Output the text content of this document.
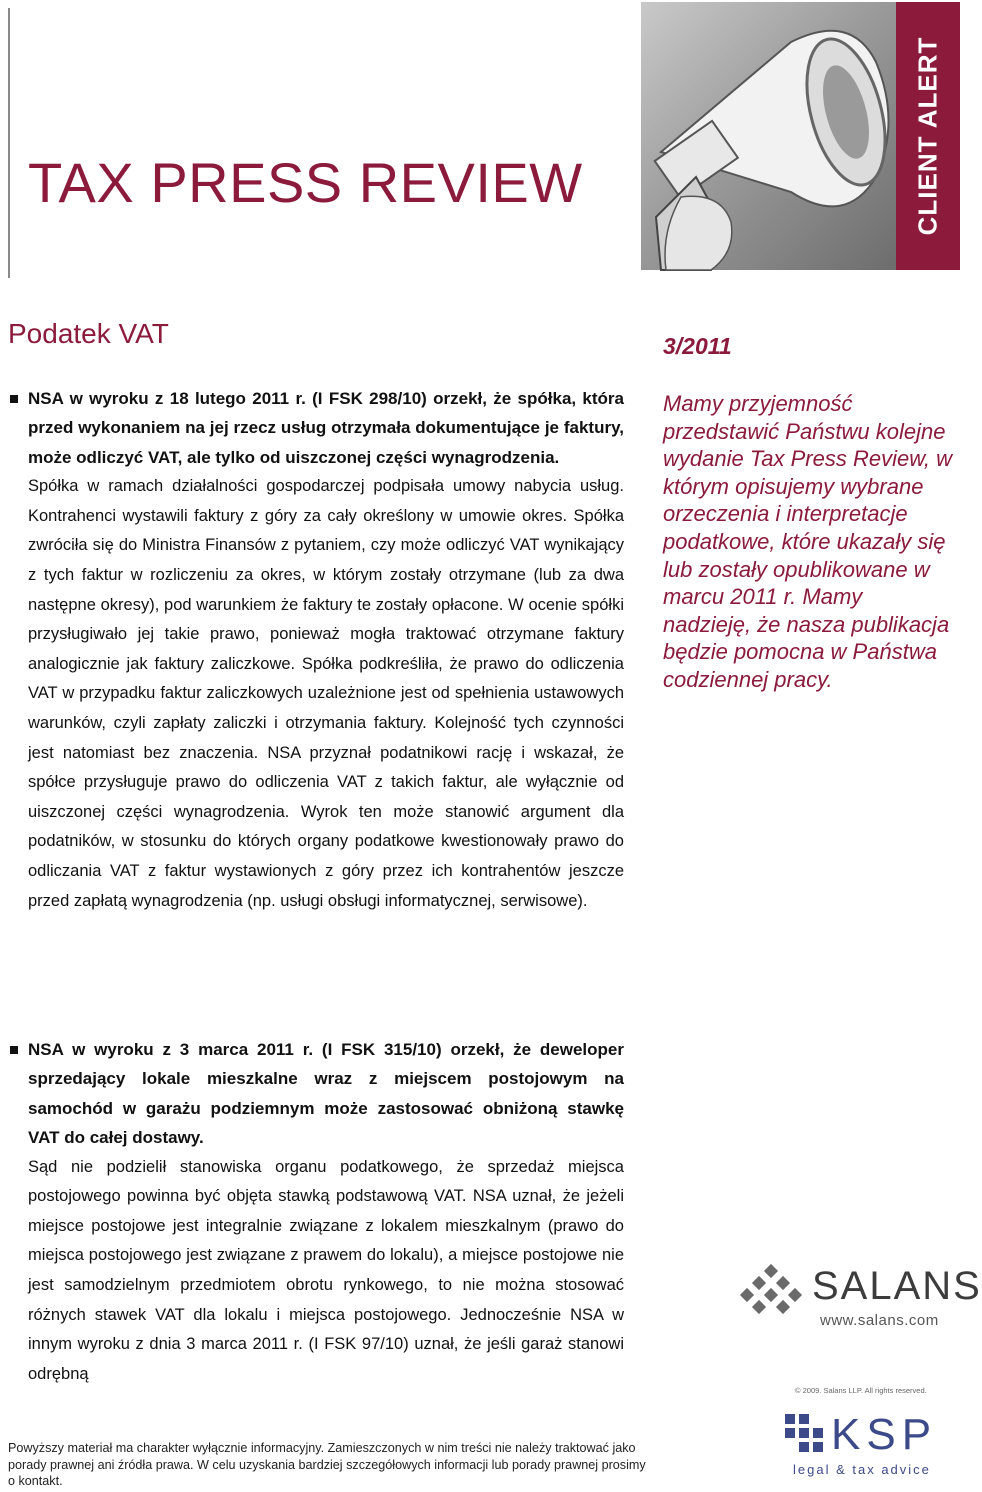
TAX PRESS REVIEW	CLIENT ALERT
Podatek VAT

NSA w wyroku z 18 lutego 2011 r. (I FSK 298/10) orzekł, że spółka, która przed wykonaniem na jej rzecz usług otrzymała dokumentujące je faktury, może odliczyć VAT, ale tylko od uiszczonej części wynagrodzenia.

Spółka w ramach działalności gospodarczej podpisała umowy nabycia usług. Kontrahenci wystawili faktury z góry za cały określony w umowie okres. Spółka zwróciła się do Ministra Finansów z pytaniem, czy może odliczyć VAT wynikający z tych faktur w rozliczeniu za okres, w którym zostały otrzymane (lub za dwa następne okresy), pod warunkiem że faktury te zostały opłacone. W ocenie spółki przysługiwało jej takie prawo, ponieważ mogła traktować otrzymane faktury analogicznie jak faktury zaliczkowe. Spółka podkreśliła, że prawo do odliczenia VAT w przypadku faktur zaliczkowych uzależnione jest od spełnienia ustawowych warunków, czyli zapłaty zaliczki i otrzymania faktury. Kolejność tych czynności jest natomiast bez znaczenia. NSA przyznał podatnikowi rację i wskazał, że spółce przysługuje prawo do odliczenia VAT z takich faktur, ale wyłącznie od uiszczonej części wynagrodzenia. Wyrok ten może stanowić argument dla podatników, w stosunku do których organy podatkowe kwestionowały prawo do odliczania VAT z faktur wystawionych z góry przez ich kontrahentów jeszcze przed zapłatą wynagrodzenia (np. usługi obsługi informatycznej, serwisowe).

NSA w wyroku z 3 marca 2011 r. (I FSK 315/10) orzekł, że deweloper sprzedający lokale mieszkalne wraz z miejscem postojowym na samochód w garażu podziemnym może zastosować obniżoną stawkę VAT do całej dostawy.

Sąd nie podzielił stanowiska organu podatkowego, że sprzedaż miejsca postojowego powinna być objęta stawką podstawową VAT. NSA uznał, że jeżeli miejsce postojowe jest integralnie związane z lokalem mieszkalnym (prawo do miejsca postojowego jest związane z prawem do lokalu), a miejsce postojowe nie jest samodzielnym przedmiotem obrotu rynkowego, to nie można stosować różnych stawek VAT dla lokalu i miejsca postojowego. Jednocześnie NSA w innym wyroku z dnia 3 marca 2011 r. (I FSK 97/10) uznał, że jeśli garaż stanowi odrębną

3/2011

Mamy przyjemność przedstawić Państwu kolejne wydanie Tax Press Review, w którym opisujemy wybrane orzeczenia i interpretacje podatkowe, które ukazały się lub zostały opublikowane w marcu 2011 r. Mamy nadzieję, że nasza publikacja będzie pomocna w Państwa codziennej pracy.

SALANS
www.salans.com
© 2009. Salans LLP. All rights reserved.
KSP
legal & tax advice

Powyższy materiał ma charakter wyłącznie informacyjny. Zamieszczonych w nim treści nie należy traktować jako porady prawnej ani źródła prawa. W celu uzyskania bardziej szczegółowych informacji lub porady prawnej prosimy o kontakt.
